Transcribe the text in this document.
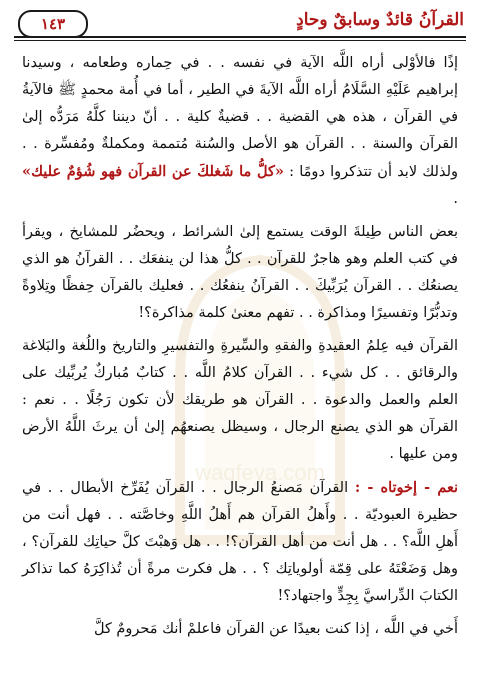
القرآنُ قائدٌ وسابقٌ وحادٍ
١٤٣
waqfeya.com

إذًا فالأوْلى أراه اللَّه الآية في نفسه . . في حِماره وطعامه ، وسيدنا إبراهيم عَلَيْهِ السَّلَامُ أراه اللَّه الآيةَ في الطير ، أما في أُمة محمدٍ ﷺ فالآيةُ في القرآن ، هذه هي القضية . . قضيةٌ كلية . . أنّ ديننا كلَّهُ مَرَدُّه إلىٰ القرآن والسنة . . القرآن هو الأصل والسُنة مُتممة ومكملةٌ ومُفسِّرة . . ولذلك لابد أن تتذكروا دومًا : «كلُّ ما شَغلكَ عن القرآن فهو شُؤمٌ عليك» .

بعض الناس طِيلةَ الوقت يستمع إلىٰ الشرائط ، ويحضُر للمشايخ ، ويقرأ في كتب العلم وهو هاجرٌ للقرآن . . كلُّ هذا لن ينفعَك . . القرآنُ هو الذي يصنعُك . . القرآن يُرَبِّيكَ . . القرآنُ ينفعُك . . فعليك بالقرآن حِفظًا وتِلاوةً وتدبُّرًا وتفسيرًا ومذاكرة . . تفهم معنىٰ كلمة مذاكرة؟!

القرآن فيه عِلمُ العقيدةِ والفقهِ والسِّيرةِ والتفسيرِ والتاريخ واللُغة والبَلاغة والرقائق . . كل شيء . . القرآن كلامُ اللَّه . . كتابٌ مُباركٌ يُربِّيك على العلم والعمل والدعوة . . القرآن هو طريقك لأن تكون رَجُلًا . . نعم : القرآن هو الذي يصنع الرجال ، وسيظل يصنعهُم إلىٰ أن يرثَ اللَّهُ الأرض ومن عليها .

نعم - إخوتاه - : القرآن مَصنعُ الرجال . . القرآن يُفَرِّخ الأبطال . . في حظيرة العبوديّة . . وأَهلُ القرآن هم أَهلُ اللَّهِ وخاصَّته . . فهل أنت من أَهلِ اللَّه؟ . . هل أنت من أهل القرآن؟! . . هل وَهبْتَ كلَّ حياتِك للقرآن؟ ، وهل وَضَعْتَهُ على قِمّة أولوياتِك ؟ . . هل فكرت مرةً أن تُذاكِرَهُ كما تذاكر الكتابَ الدِّراسيَّ بِجِدٍّ واجتهاد؟!

أَخي في اللَّه ، إذا كنت بعيدًا عن القرآن فاعلمْ أنك مَحرومٌ كلَّ
